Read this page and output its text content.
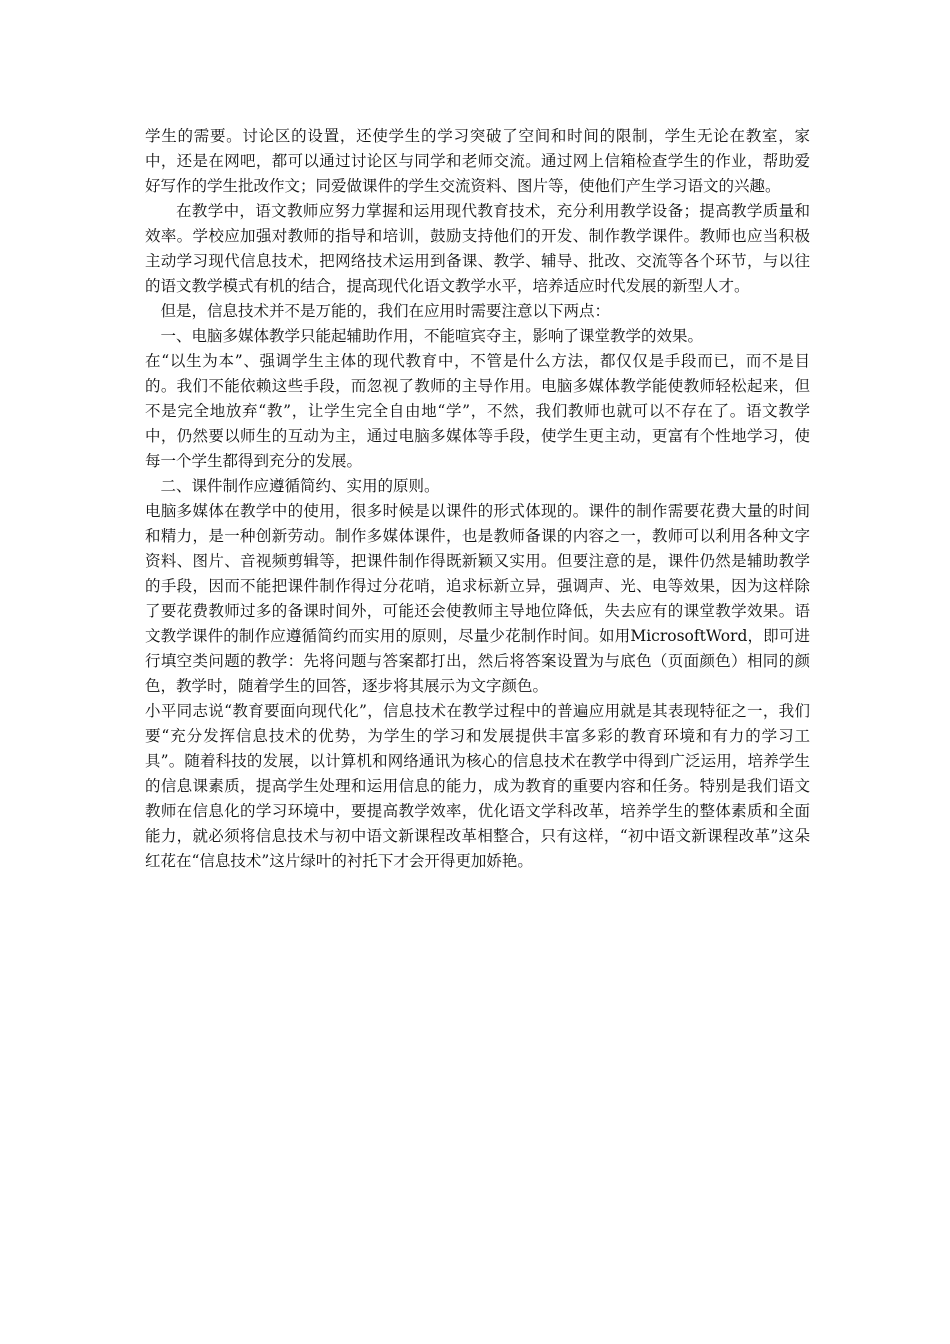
学生的需要。讨论区的设置，还使学生的学习突破了空间和时间的限制，学生无论在教室，家中，还是在网吧，都可以通过讨论区与同学和老师交流。通过网上信箱检查学生的作业，帮助爱好写作的学生批改作文；同爱做课件的学生交流资料、图片等，使他们产生学习语文的兴趣。

在教学中，语文教师应努力掌握和运用现代教育技术，充分利用教学设备；提高教学质量和效率。学校应加强对教师的指导和培训，鼓励支持他们的开发、制作教学课件。教师也应当积极主动学习现代信息技术，把网络技术运用到备课、教学、辅导、批改、交流等各个环节，与以往的语文教学模式有机的结合，提高现代化语文教学水平，培养适应时代发展的新型人才。

但是，信息技术并不是万能的，我们在应用时需要注意以下两点：

一、电脑多媒体教学只能起辅助作用，不能喧宾夺主，影响了课堂教学的效果。

在“以生为本”、强调学生主体的现代教育中，不管是什么方法，都仅仅是手段而已，而不是目的。我们不能依赖这些手段，而忽视了教师的主导作用。电脑多媒体教学能使教师轻松起来，但不是完全地放弃“教”，让学生完全自由地“学”，不然，我们教师也就可以不存在了。语文教学中，仍然要以师生的互动为主，通过电脑多媒体等手段，使学生更主动，更富有个性地学习，使每一个学生都得到充分的发展。

二、课件制作应遵循简约、实用的原则。

电脑多媒体在教学中的使用，很多时候是以课件的形式体现的。课件的制作需要花费大量的时间和精力，是一种创新劳动。制作多媒体课件，也是教师备课的内容之一，教师可以利用各种文字资料、图片、音视频剪辑等，把课件制作得既新颖又实用。但要注意的是，课件仍然是辅助教学的手段，因而不能把课件制作得过分花哨，追求标新立异，强调声、光、电等效果，因为这样除了要花费教师过多的备课时间外，可能还会使教师主导地位降低，失去应有的课堂教学效果。语文教学课件的制作应遵循简约而实用的原则，尽量少花制作时间。如用MicrosoftWord，即可进行填空类问题的教学：先将问题与答案都打出，然后将答案设置为与底色（页面颜色）相同的颜色，教学时，随着学生的回答，逐步将其展示为文字颜色。

小平同志说“教育要面向现代化”，信息技术在教学过程中的普遍应用就是其表现特征之一，我们要“充分发挥信息技术的优势，为学生的学习和发展提供丰富多彩的教育环境和有力的学习工具”。随着科技的发展，以计算机和网络通讯为核心的信息技术在教学中得到广泛运用，培养学生的信息课素质，提高学生处理和运用信息的能力，成为教育的重要内容和任务。特别是我们语文教师在信息化的学习环境中，要提高教学效率，优化语文学科改革，培养学生的整体素质和全面能力，就必须将信息技术与初中语文新课程改革相整合，只有这样，“初中语文新课程改革”这朵红花在“信息技术”这片绿叶的衬托下才会开得更加娇艳。
